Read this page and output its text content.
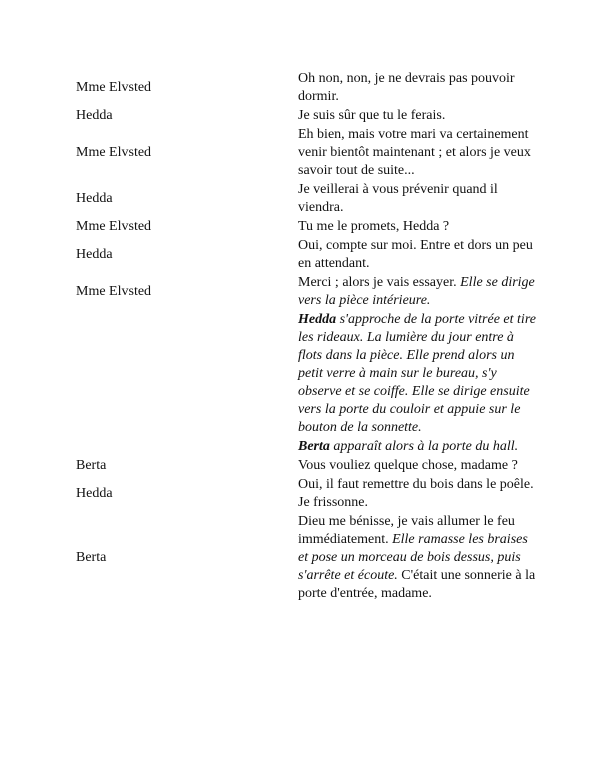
Mme Elvsted	Oh non, non, je ne devrais pas pouvoir dormir.
Hedda	Je suis sûr que tu le ferais.
Mme Elvsted	Eh bien, mais votre mari va certainement venir bientôt maintenant ; et alors je veux savoir tout de suite...
Hedda	Je veillerai à vous prévenir quand il viendra.
Mme Elvsted	Tu me le promets, Hedda ?
Hedda	Oui, compte sur moi. Entre et dors un peu en attendant.
Mme Elvsted	Merci ; alors je vais essayer. Elle se dirige vers la pièce intérieure.
	Hedda s'approche de la porte vitrée et tire les rideaux. La lumière du jour entre à flots dans la pièce. Elle prend alors un petit verre à main sur le bureau, s'y observe et se coiffe. Elle se dirige ensuite vers la porte du couloir et appuie sur le bouton de la sonnette.
	Berta apparaît alors à la porte du hall.
Berta	Vous vouliez quelque chose, madame ?
Hedda	Oui, il faut remettre du bois dans le poêle. Je frissonne.
Berta	Dieu me bénisse, je vais allumer le feu immédiatement. Elle ramasse les braises et pose un morceau de bois dessus, puis s'arrête et écoute. C'était une sonnerie à la porte d'entrée, madame.
